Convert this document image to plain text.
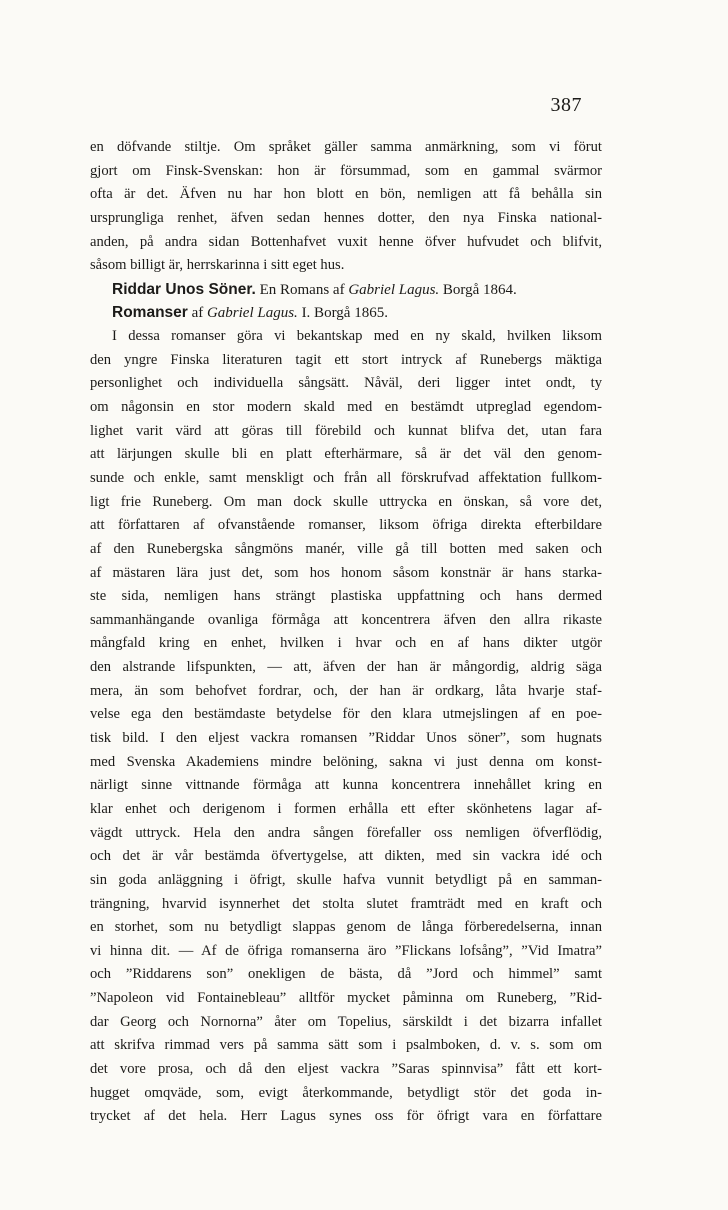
387
en döfvande stiltje. Om språket gäller samma anmärkning, som vi förut
gjort om Finsk-Svenskan: hon är försummad, som en gammal svärmor
ofta är det. Äfven nu har hon blott en bön, nemligen att få behålla sin
ursprungliga renhet, äfven sedan hennes dotter, den nya Finska national-
anden, på andra sidan Bottenhafvet vuxit henne öfver hufvudet och blifvit,
såsom billigt är, herrskarinna i sitt eget hus.
Riddar Unos Söner. En Romans af Gabriel Lagus. Borgå 1864.
Romanser af Gabriel Lagus. I. Borgå 1865.
I dessa romanser göra vi bekantskap med en ny skald, hvilken liksom
den yngre Finska literaturen tagit ett stort intryck af Runebergs mäktiga
personlighet och individuella sångsätt. Nåväl, deri ligger intet ondt, ty
om någonsin en stor modern skald med en bestämdt utpreglad egendom-
lighet varit värd att göras till förebild och kunnat blifva det, utan fara
att lärjungen skulle bli en platt efterhärmare, så är det väl den genom-
sunde och enkle, samt menskligt och från all förskrufvad affektation fullkom-
ligt frie Runeberg. Om man dock skulle uttrycka en önskan, så vore det,
att författaren af ofvanstående romanser, liksom öfriga direkta efterbildare
af den Runebergska sångmöns manér, ville gå till botten med saken och
af mästaren lära just det, som hos honom såsom konstnär är hans starka-
ste sida, nemligen hans strängt plastiska uppfattning och hans dermed
sammanhängande ovanliga förmåga att koncentrera äfven den allra rikaste
mångfald kring en enhet, hvilken i hvar och en af hans dikter utgör
den alstrande lifspunkten, — att, äfven der han är mångordig, aldrig säga
mera, än som behofvet fordrar, och, der han är ordkarg, låta hvarje staf-
velse ega den bestämdaste betydelse för den klara utmejslingen af en poe-
tisk bild. I den eljest vackra romansen ”Riddar Unos söner”, som hugnats
med Svenska Akademiens mindre belöning, sakna vi just denna om konst-
närligt sinne vittnande förmåga att kunna koncentrera innehållet kring en
klar enhet och derigenom i formen erhålla ett efter skönhetens lagar af-
vägdt uttryck. Hela den andra sången förefaller oss nemligen öfverflödig,
och det är vår bestämda öfvertygelse, att dikten, med sin vackra idé och
sin goda anläggning i öfrigt, skulle hafva vunnit betydligt på en samman-
trängning, hvarvid isynnerhet det stolta slutet framträdt med en kraft och
en storhet, som nu betydligt slappas genom de långa förberedelserna, innan
vi hinna dit. — Af de öfriga romanserna äro ”Flickans lofsång”, ”Vid Imatra”
och ”Riddarens son” onekligen de bästa, då ”Jord och himmel” samt
”Napoleon vid Fontainebleau” alltför mycket påminna om Runeberg, ”Rid-
dar Georg och Nornorna” åter om Topelius, särskildt i det bizarra infallet
att skrifva rimmad vers på samma sätt som i psalmboken, d. v. s. som om
det vore prosa, och då den eljest vackra ”Saras spinnvisa” fått ett kort-
hugget omqväde, som, evigt återkommande, betydligt stör det goda in-
trycket af det hela. Herr Lagus synes oss för öfrigt vara en författare
